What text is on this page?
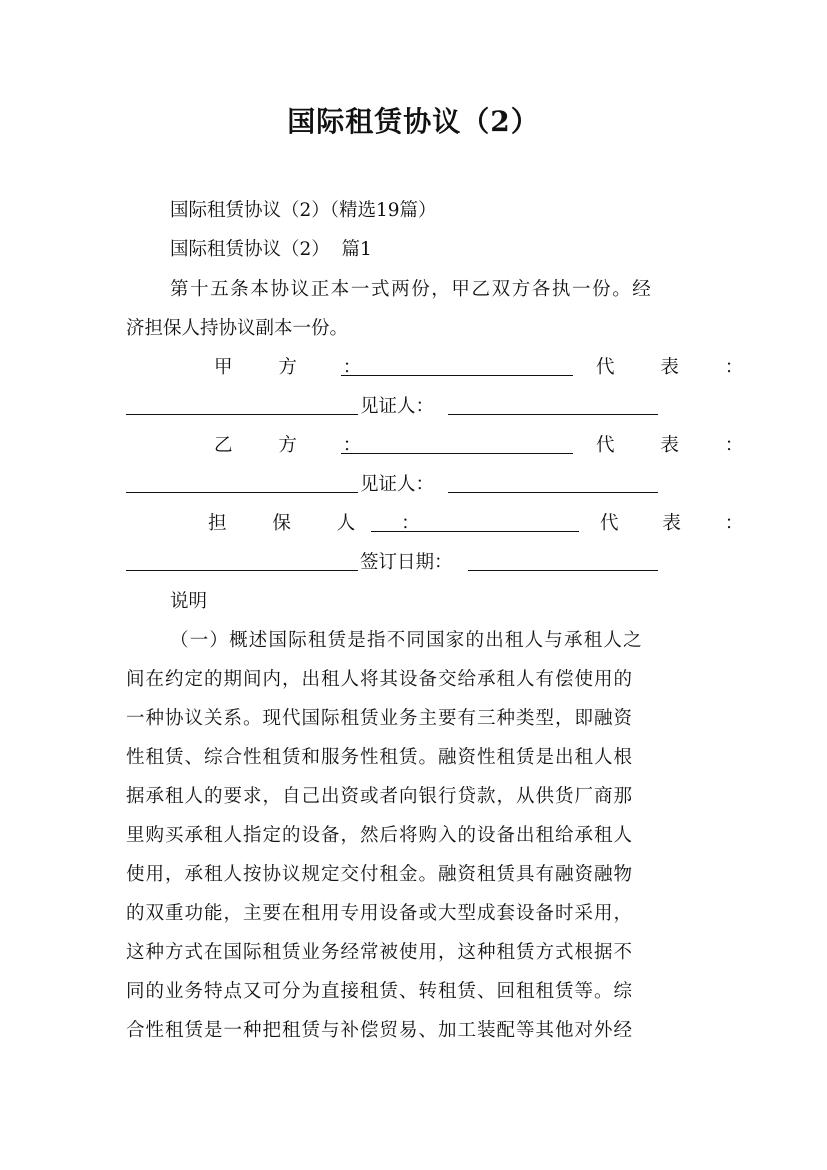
国际租赁协议（2）

国际租赁协议（2）（精选19篇）

国际租赁协议（2）  篇1

第十五条本协议正本一式两份，甲乙双方各执一份。经

济担保人持协议副本一份。

甲 方 ：	代 表 ：
见证人：
乙 方 ：	代 表 ：
见证人：
担 保 人 ：	代 表 ：
签订日期：

说明

（一）概述国际租赁是指不同国家的出租人与承租人之

间在约定的期间内，出租人将其设备交给承租人有偿使用的

一种协议关系。现代国际租赁业务主要有三种类型，即融资

性租赁、综合性租赁和服务性租赁。融资性租赁是出租人根

据承租人的要求，自己出资或者向银行贷款，从供货厂商那

里购买承租人指定的设备，然后将购入的设备出租给承租人

使用，承租人按协议规定交付租金。融资租赁具有融资融物

的双重功能，主要在租用专用设备或大型成套设备时采用，

这种方式在国际租赁业务经常被使用，这种租赁方式根据不

同的业务特点又可分为直接租赁、转租赁、回租租赁等。综

合性租赁是一种把租赁与补偿贸易、加工装配等其他对外经
